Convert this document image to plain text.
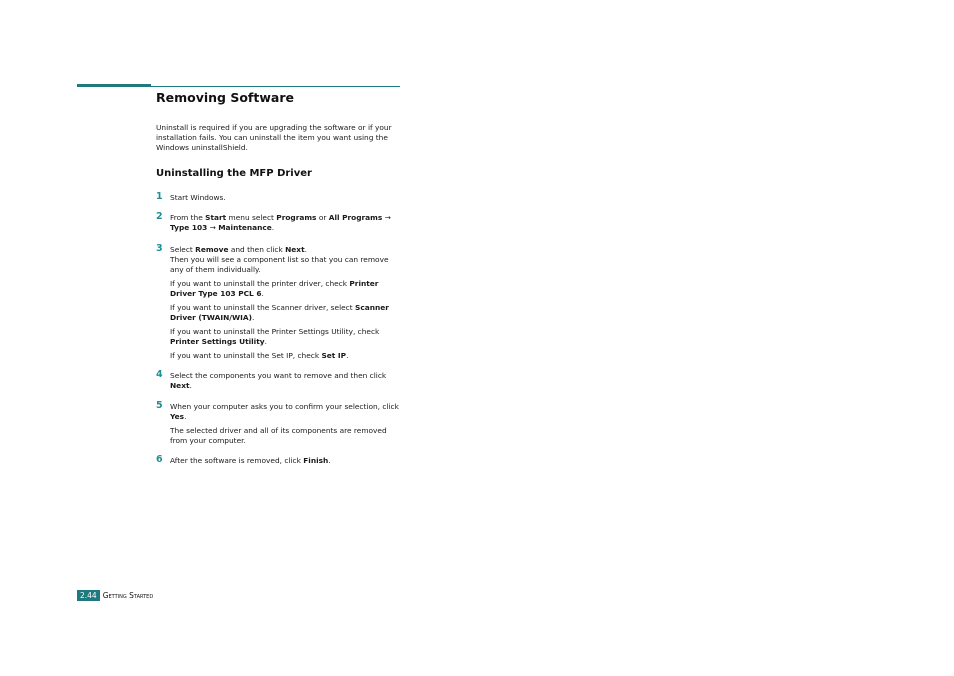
Removing Software

Uninstall is required if you are upgrading the software or if your installation fails. You can uninstall the item you want using the Windows uninstallShield.

Uninstalling the MFP Driver
1 Start Windows.

2 From the Start menu select Programs or All Programs →
Type 103 → Maintenance.

3 Select Remove and then click Next.
Then you will see a component list so that you can remove any of them individually.

If you want to uninstall the printer driver, check Printer Driver Type 103 PCL 6.

If you want to uninstall the Scanner driver, select Scanner Driver (TWAIN/WIA).

If you want to uninstall the Printer Settings Utility, check Printer Settings Utility.

If you want to uninstall the Set IP, check Set IP.

4 Select the components you want to remove and then click Next.

5 When your computer asks you to confirm your selection, click Yes.

The selected driver and all of its components are removed from your computer.

6 After the software is removed, click Finish.

2.44 Getting Started
